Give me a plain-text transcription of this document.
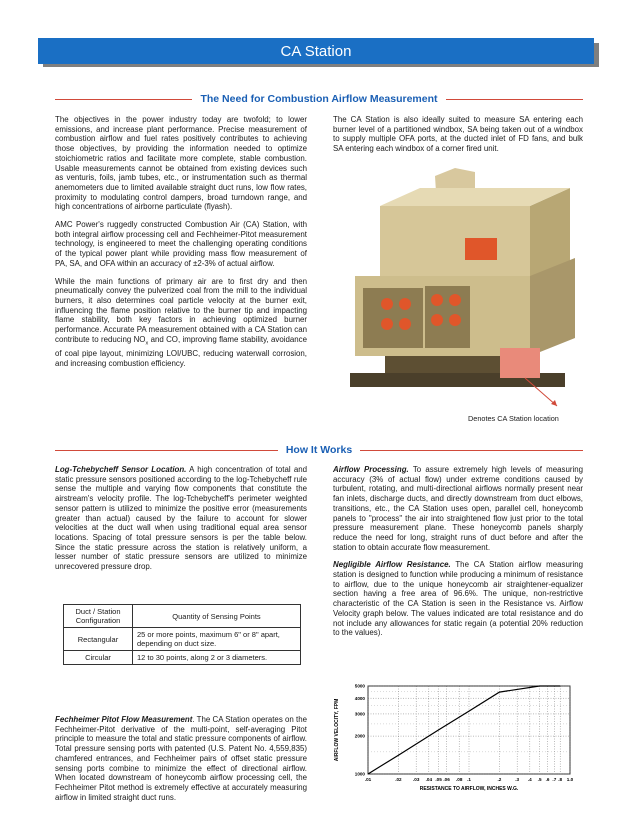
CA Station
The Need for Combustion Airflow Measurement

The objectives in the power industry today are twofold; to lower emissions, and increase plant performance. Precise measurement of combustion airflow and fuel rates positively contributes to achieving those objectives, by providing the information needed to optimize stoichiometric ratios and facilitate more complete, stable combustion. Usable measurements cannot be obtained from existing devices such as venturis, foils, jamb tubes, etc., or instrumentation such as thermal anemometers due to limited available straight duct runs, low flow rates, proximity to modulating control dampers, broad turndown range, and high concentrations of airborne particulate (flyash).

AMC Power's ruggedly constructed Combustion Air (CA) Station, with both integral airflow processing cell and Fechheimer-Pitot measurement technology, is engineered to meet the challenging operating conditions of the typical power plant while providing mass flow measurement of PA, SA, and OFA within an accuracy of ±2-3% of actual airflow.

While the main functions of primary air are to first dry and then pneumatically convey the pulverized coal from the mill to the individual burners, it also determines coal particle velocity at the burner exit, influencing the flame position relative to the burner tip and impacting flame stability, both key factors in achieving optimized burner performance. Accurate PA measurement obtained with a CA Station can contribute to reducing $NO_x$ and CO, improving flame stability, avoidance of coal pipe layout, minimizing LOI/UBC, reducing waterwall corrosion, and increasing combustion efficiency.

The CA Station is also ideally suited to measure SA entering each burner level of a partitioned windbox, SA being taken out of a windbox to supply multiple OFA ports, at the ducted inlet of FD fans, and bulk SA entering each windbox of a corner fired unit.

Denotes CA Station location
How It Works

Log-Tchebycheff Sensor Location. A high concentration of total and static pressure sensors positioned according to the log-Tchebycheff rule sense the multiple and varying flow components that constitute the airstream's velocity profile. The log-Tchebycheff's perimeter weighted sensor pattern is utilized to minimize the positive error (measurements greater than actual) caused by the failure to account for slower velocities at the duct wall when using traditional equal area sensor locations. Spacing of total pressure sensors is per the table below. Since the static pressure across the station is relatively uniform, a lesser number of static pressure sensors are utilized to minimize unrecovered pressure drop.

Duct / Station Configuration	Quantity of Sensing Points
Rectangular	25 or more points, maximum 6" or 8" apart, depending on duct size.
Circular	12 to 30 points, along 2 or 3 diameters.

Fechheimer Pitot Flow Measurement. The CA Station operates on the Fechheimer-Pitot derivative of the multi-point, self-averaging Pitot principle to measure the total and static pressure components of airflow. Total pressure sensing ports with patented (U.S. Patent No. 4,559,835) chamfered entrances, and Fechheimer pairs of offset static pressure sensing ports combine to minimize the effect of directional airflow. When located downstream of honeycomb airflow processing cell, the Fechheimer Pitot method is extremely effective at accurately measuring airflow in limited straight duct runs.

Airflow Processing. To assure extremely high levels of measuring accuracy (3% of actual flow) under extreme conditions caused by turbulent, rotating, and multi-directional airflows normally present near fan inlets, discharge ducts, and directly downstream from duct elbows, transitions, etc., the CA Station uses open, parallel cell, honeycomb panels to "process" the air into straightened flow just prior to the total pressure measurement plane. These honeycomb panels sharply reduce the need for long, straight runs of duct before and after the station to obtain accurate flow measurement.

Negligible Airflow Resistance. The CA Station airflow measuring station is designed to function while producing a minimum of resistance to airflow, due to the unique honeycomb air straightener-equalizer section having a free area of 96.6%. The unique, non-restrictive characteristic of the CA Station is seen in the Resistance vs. Airflow Velocity graph below. The values indicated are total resistance and do not include any allowances for static regain (a potential 20% reduction to the values).

.01	.02 .03 .04 .05 .06 .08 .1	.2	.3 .4 .5 .6 .7 .8 1.0
1000
2000
3000
4000
5000
RESISTANCE TO AIRFLOW, INCHES W.G.
AIRFLOW VELOCITY, FPM
